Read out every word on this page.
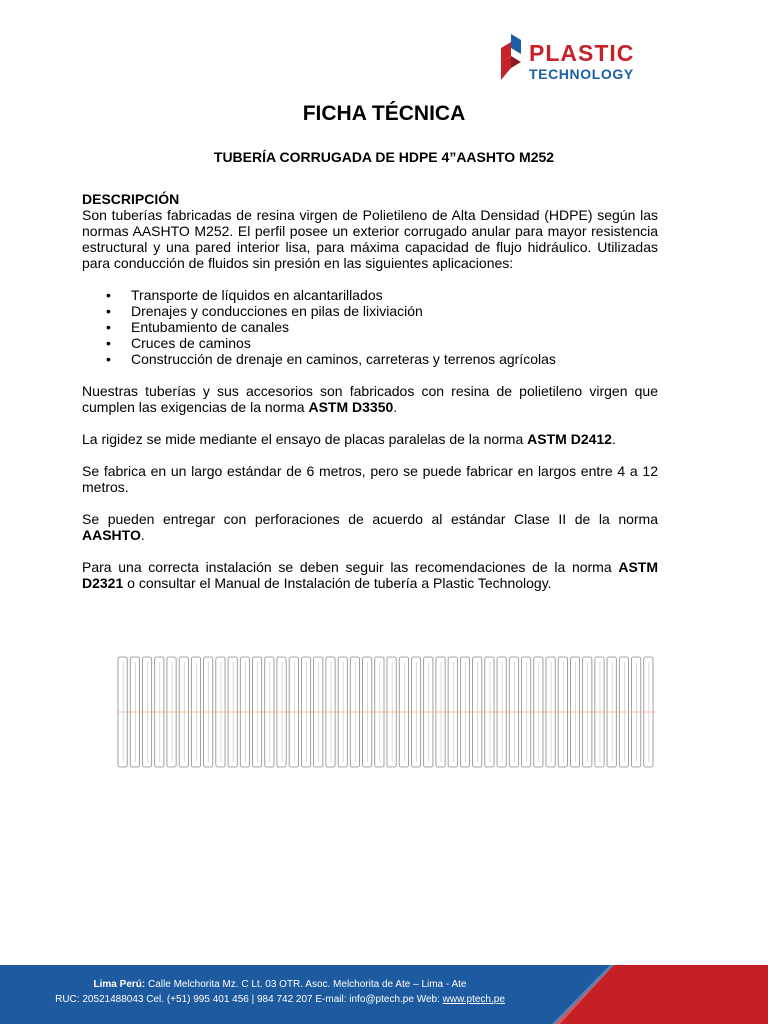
PLASTIC
TECHNOLOGY
FICHA TÉCNICA
TUBERÍA CORRUGADA DE HDPE 4”AASHTO M252

DESCRIPCIÓN

Son tuberías fabricadas de resina virgen de Polietileno de Alta Densidad (HDPE) según las normas AASHTO M252. El perfil posee un exterior corrugado anular para mayor resistencia estructural y una pared interior lisa, para máxima capacidad de flujo hidráulico. Utilizadas para conducción de fluidos sin presión en las siguientes aplicaciones:

• Transporte de líquidos en alcantarillados
• Drenajes y conducciones en pilas de lixiviación
• Entubamiento de canales
• Cruces de caminos
• Construcción de drenaje en caminos, carreteras y terrenos agrícolas

Nuestras tuberías y sus accesorios son fabricados con resina de polietileno virgen que cumplen las exigencias de la norma ASTM D3350.

La rigidez se mide mediante el ensayo de placas paralelas de la norma ASTM D2412.

Se fabrica en un largo estándar de 6 metros, pero se puede fabricar en largos entre 4 a 12 metros.

Se pueden entregar con perforaciones de acuerdo al estándar Clase II de la norma AASHTO.

Para una correcta instalación se deben seguir las recomendaciones de la norma ASTM D2321 o consultar el Manual de Instalación de tubería a Plastic Technology.

Lima Perú: Calle Melchorita Mz. C Lt. 03 OTR. Asoc. Melchorita de Ate – Lima - Ate
RUC: 20521488043 Cel. (+51) 995 401 456 | 984 742 207 E-mail: info@ptech.pe Web: www.ptech.pe
